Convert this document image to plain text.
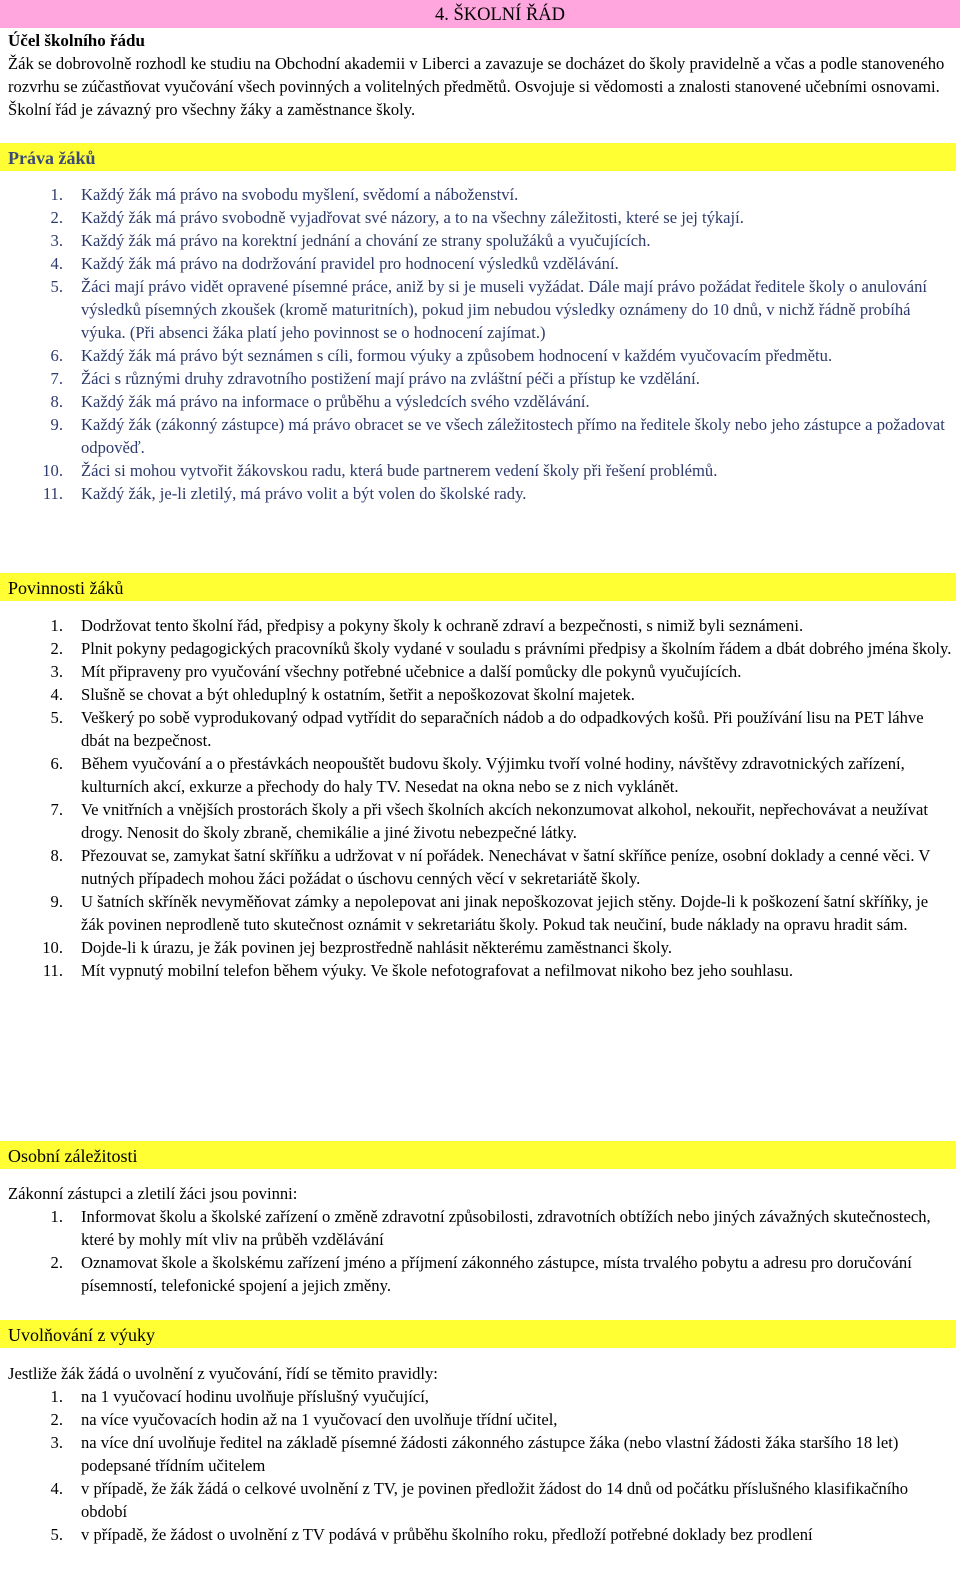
4. ŠKOLNÍ ŘÁD
Účel školního řádu
Žák se dobrovolně rozhodl ke studiu na Obchodní akademii v Liberci a zavazuje se docházet do školy pravidelně a včas a podle stanoveného rozvrhu se zúčastňovat vyučování všech povinných a volitelných předmětů. Osvojuje si vědomosti a znalosti stanovené učebními osnovami. Školní řád je závazný pro všechny žáky a zaměstnance školy.
Práva žáků
1. Každý žák má právo na svobodu myšlení, svědomí a náboženství.
2. Každý žák má právo svobodně vyjadřovat své názory, a to na všechny záležitosti, které se jej týkají.
3. Každý žák má právo na korektní jednání a chování ze strany spolužáků a vyučujících.
4. Každý žák má právo na dodržování pravidel pro hodnocení výsledků vzdělávání.
5. Žáci mají právo vidět opravené písemné práce, aniž by si je museli vyžádat. Dále mají právo požádat ředitele školy o anulování výsledků písemných zkoušek (kromě maturitních), pokud jim nebudou výsledky oznámeny do 10 dnů, v nichž řádně probíhá výuka. (Při absenci žáka platí jeho povinnost se o hodnocení zajímat.)
6. Každý žák má právo být seznámen s cíli, formou výuky a způsobem hodnocení v každém vyučovacím předmětu.
7. Žáci s různými druhy zdravotního postižení mají právo na zvláštní péči a přístup ke vzdělání.
8. Každý žák má právo na informace o průběhu a výsledcích svého vzdělávání.
9. Každý žák (zákonný zástupce) má právo obracet se ve všech záležitostech přímo na ředitele školy nebo jeho zástupce a požadovat odpověď.
10. Žáci si mohou vytvořit žákovskou radu, která bude partnerem vedení školy při řešení problémů.
11. Každý žák, je-li zletilý, má právo volit a být volen do školské rady.
Povinnosti žáků
1. Dodržovat tento školní řád, předpisy a pokyny školy k ochraně zdraví a bezpečnosti, s nimiž byli seznámeni.
2. Plnit pokyny pedagogických pracovníků školy vydané v souladu s právními předpisy a školním řádem a dbát dobrého jména školy.
3. Mít připraveny pro vyučování všechny potřebné učebnice a další pomůcky dle pokynů vyučujících.
4. Slušně se chovat a být ohleduplný k ostatním, šetřit a nepoškozovat školní majetek.
5. Veškerý po sobě vyprodukovaný odpad vytřídit do separačních nádob a do odpadkových košů. Při používání lisu na PET láhve dbát na bezpečnost.
6. Během vyučování a o přestávkách neopouštět budovu školy. Výjimku tvoří volné hodiny, návštěvy zdravotnických zařízení, kulturních akcí, exkurze a přechody do haly TV. Nesedat na okna nebo se z nich vyklánět.
7. Ve vnitřních a vnějších prostorách školy a při všech školních akcích nekonzumovat alkohol, nekouřit, nepřechovávat a neužívat drogy. Nenosit do školy zbraně, chemikálie a jiné životu nebezpečné látky.
8. Přezouvat se, zamykat šatní skříňku a udržovat v ní pořádek. Nenechávat v šatní skříňce peníze, osobní doklady a cenné věci. V nutných případech mohou žáci požádat o úschovu cenných věcí v sekretariátě školy.
9. U šatních skříněk nevyměňovat zámky a nepolepovat ani jinak nepoškozovat jejich stěny. Dojde-li k poškození šatní skříňky, je žák povinen neprodleně tuto skutečnost oznámit v sekretariátu školy. Pokud tak neučiní, bude náklady na opravu hradit sám.
10. Dojde-li k úrazu, je žák povinen jej bezprostředně nahlásit některému zaměstnanci školy.
11. Mít vypnutý mobilní telefon během výuky. Ve škole nefotografovat a nefilmovat nikoho bez jeho souhlasu.
Osobní záležitosti
Zákonní zástupci a zletilí žáci jsou povinni:
1. Informovat školu a školské zařízení o změně zdravotní způsobilosti, zdravotních obtížích nebo jiných závažných skutečnostech, které by mohly mít vliv na průběh vzdělávání
2. Oznamovat škole a školskému zařízení jméno a příjmení zákonného zástupce, místa trvalého pobytu a adresu pro doručování písemností, telefonické spojení a jejich změny.
Uvolňování z výuky
Jestliže žák žádá o uvolnění z vyučování, řídí se těmito pravidly:
1. na 1 vyučovací hodinu uvolňuje příslušný vyučující,
2. na více vyučovacích hodin až na 1 vyučovací den uvolňuje třídní učitel,
3. na více dní uvolňuje ředitel na základě písemné žádosti zákonného zástupce žáka (nebo vlastní žádosti žáka staršího 18 let) podepsané třídním učitelem
4. v případě, že žák žádá o celkové uvolnění z TV, je povinen předložit žádost do 14 dnů od počátku příslušného klasifikačního období
5. v případě, že žádost o uvolnění z TV podává v průběhu školního roku, předloží potřebné doklady bez prodlení
